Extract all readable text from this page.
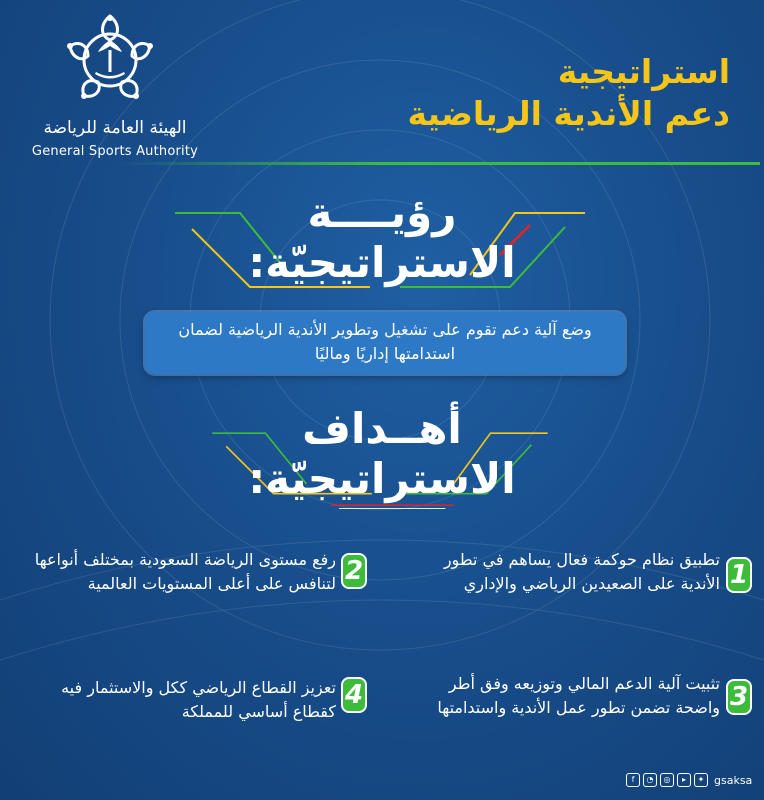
الهيئة العامة للرياضة
General Sports Authority
استراتيجية
دعم الأندية الرياضية
رؤيــــة
الاستراتيجيّة:
وضع آلية دعم تقوم على تشغيل وتطوير الأندية الرياضية لضمان استدامتها إداريًا وماليًا
أهــداف
الاستراتيجيّة:
1
تطبيق نظام حوكمة فعال يساهم في تطور الأندية على الصعيدين الرياضي والإداري
2
رفع مستوى الرياضة السعودية بمختلف أنواعها لتنافس على أعلى المستويات العالمية
3
تثبيت آلية الدعم المالي وتوزيعه وفق أطر واضحة تضمن تطور عمل الأندية واستدامتها
4
تعزيز القطاع الرياضي ككل والاستثمار فيه كقطاع أساسي للمملكة
f	◔	◎	▸	✦ gsaksa
